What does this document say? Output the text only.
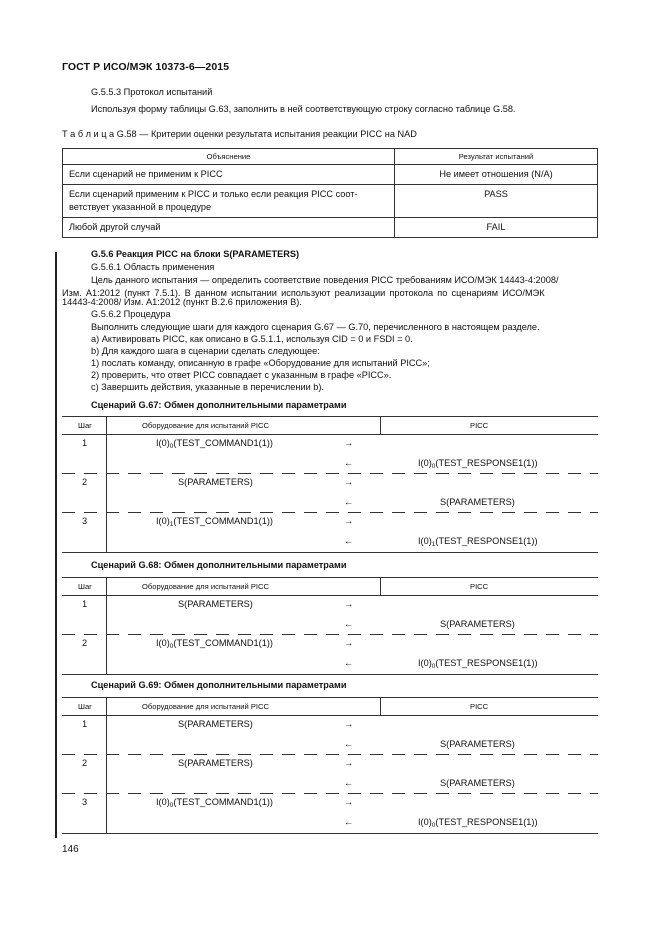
ГОСТ Р ИСО/МЭК 10373-6—2015
G.5.5.3 Протокол испытаний
Используя форму таблицы G.63, заполнить в ней соответствующую строку согласно таблице G.58.
Т а б л и ц а G.58 — Критерии оценки результата испытания реакции PICC на NAD
Объяснение	Результат испытаний
Если сценарий не применим к PICC	Не имеет отношения (N/A)

Если сценарий применим к PICC и только если реакция PICC соот-
ветствует указанной в процедуре	PASS
Любой другой случай	FAIL
G.5.6 Реакция PICC на блоки S(PARAMETERS)
G.5.6.1 Область применения
Цель данного испытания — определить соответствие поведения PICC требованиям ИСО/МЭК 14443-4:2008/
Изм. А1:2012 (пункт 7.5.1). В данном испытании используют реализации протокола по сценариям ИСО/МЭК
14443-4:2008/ Изм. А1:2012 (пункт В.2.6 приложения В).
G.5.6.2 Процедура
Выполнить следующие шаги для каждого сценария G.67 — G.70, перечисленного в настоящем разделе.
а) Активировать PICC, как описано в G.5.1.1, используя CID = 0 и FSDI = 0.
b) Для каждого шага в сценарии сделать следующее:
1) послать команду, описанную в графе «Оборудование для испытаний PICC»;
2) проверить, что ответ PICC совпадает с указанным в графе «PICC».
с) Завершить действия, указанные в перечислении b).
Сценарий G.67: Обмен дополнительными параметрами
Шаг	Оборудование для испытаний PICC	PICC
1	$I(0)_0(TEST\_COMMAND1(1))$	→
←	$I(0)_0(TEST\_RESPONSE1(1))$
2	S(PARAMETERS)	→
←	S(PARAMETERS)
3	$I(0)_1(TEST\_COMMAND1(1))$	→
←	$I(0)_1(TEST\_RESPONSE1(1))$
Сценарий G.68: Обмен дополнительными параметрами
Шаг	Оборудование для испытаний PICC	PICC
1	S(PARAMETERS)	→
←	S(PARAMETERS)
2	$I(0)_0(TEST\_COMMAND1(1))$	→
←	$I(0)_0(TEST\_RESPONSE1(1))$
Сценарий G.69: Обмен дополнительными параметрами
Шаг	Оборудование для испытаний PICC	PICC
1	S(PARAMETERS)	→
←	S(PARAMETERS)
2	S(PARAMETERS)	→
←	S(PARAMETERS)
3	$I(0)_0(TEST\_COMMAND1(1))$	→
←	$I(0)_0(TEST\_RESPONSE1(1))$
146
